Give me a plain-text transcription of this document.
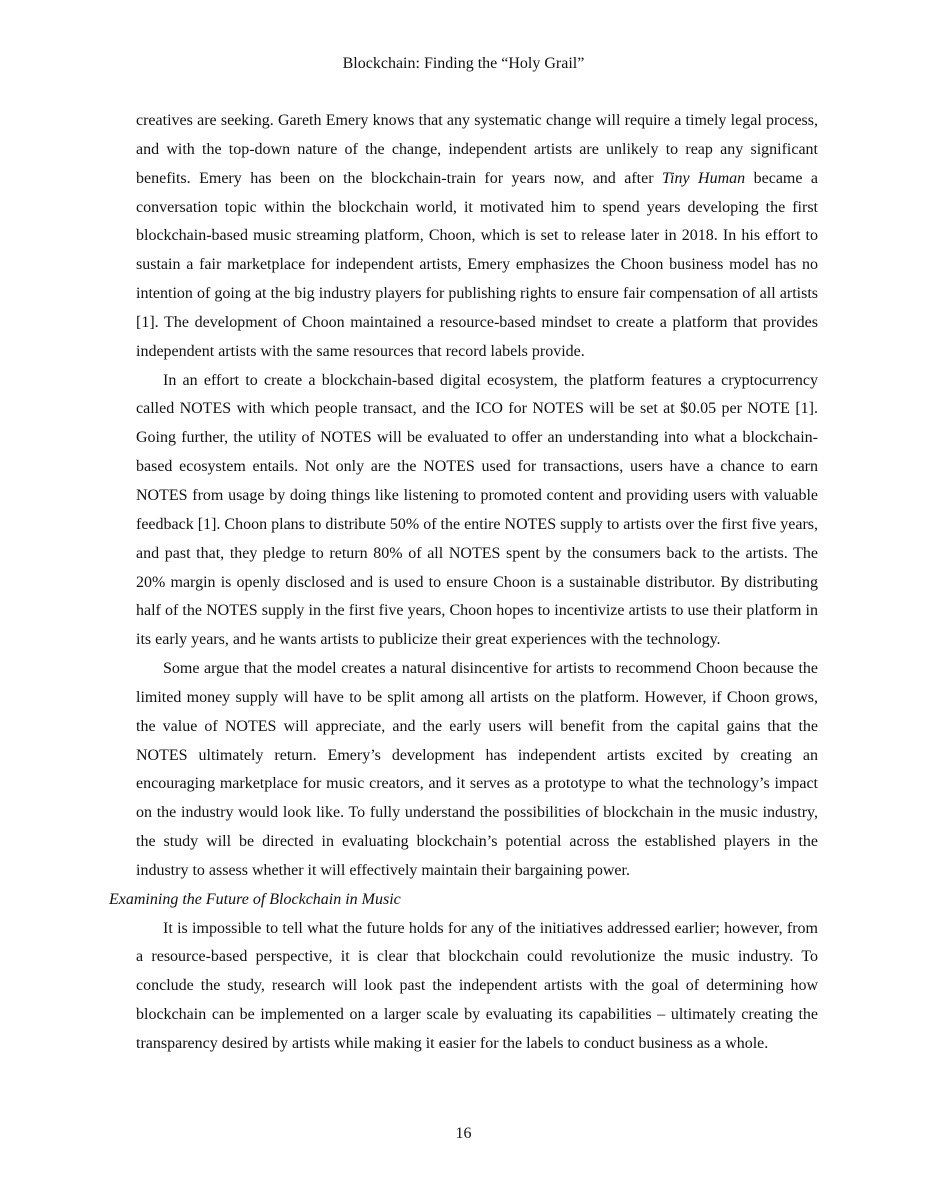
Blockchain: Finding the “Holy Grail”

creatives are seeking. Gareth Emery knows that any systematic change will require a timely legal process, and with the top-down nature of the change, independent artists are unlikely to reap any significant benefits. Emery has been on the blockchain-train for years now, and after Tiny Human became a conversation topic within the blockchain world, it motivated him to spend years developing the first blockchain-based music streaming platform, Choon, which is set to release later in 2018. In his effort to sustain a fair marketplace for independent artists, Emery emphasizes the Choon business model has no intention of going at the big industry players for publishing rights to ensure fair compensation of all artists [1]. The development of Choon maintained a resource-based mindset to create a platform that provides independent artists with the same resources that record labels provide.

In an effort to create a blockchain-based digital ecosystem, the platform features a cryptocurrency called NOTES with which people transact, and the ICO for NOTES will be set at $0.05 per NOTE [1]. Going further, the utility of NOTES will be evaluated to offer an understanding into what a blockchain-based ecosystem entails. Not only are the NOTES used for transactions, users have a chance to earn NOTES from usage by doing things like listening to promoted content and providing users with valuable feedback [1]. Choon plans to distribute 50% of the entire NOTES supply to artists over the first five years, and past that, they pledge to return 80% of all NOTES spent by the consumers back to the artists. The 20% margin is openly disclosed and is used to ensure Choon is a sustainable distributor. By distributing half of the NOTES supply in the first five years, Choon hopes to incentivize artists to use their platform in its early years, and he wants artists to publicize their great experiences with the technology.

Some argue that the model creates a natural disincentive for artists to recommend Choon because the limited money supply will have to be split among all artists on the platform. However, if Choon grows, the value of NOTES will appreciate, and the early users will benefit from the capital gains that the NOTES ultimately return. Emery’s development has independent artists excited by creating an encouraging marketplace for music creators, and it serves as a prototype to what the technology’s impact on the industry would look like. To fully understand the possibilities of blockchain in the music industry, the study will be directed in evaluating blockchain’s potential across the established players in the industry to assess whether it will effectively maintain their bargaining power.

Examining the Future of Blockchain in Music

It is impossible to tell what the future holds for any of the initiatives addressed earlier; however, from a resource-based perspective, it is clear that blockchain could revolutionize the music industry. To conclude the study, research will look past the independent artists with the goal of determining how blockchain can be implemented on a larger scale by evaluating its capabilities – ultimately creating the transparency desired by artists while making it easier for the labels to conduct business as a whole.

16
